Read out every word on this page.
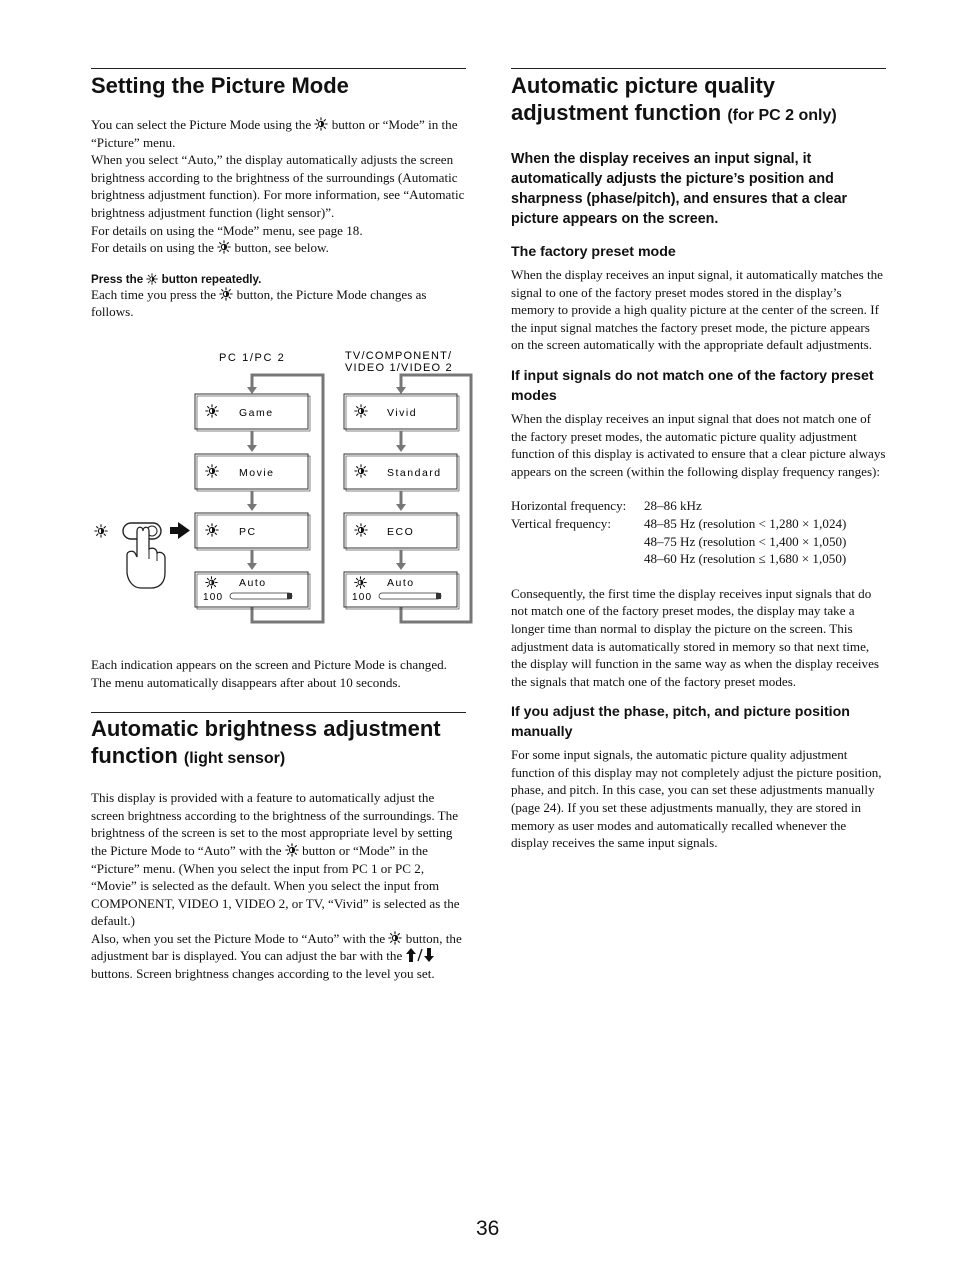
Setting the Picture Mode

You can select the Picture Mode using the button or “Mode” in the “Picture” menu.

When you select “Auto,” the display automatically adjusts the screen brightness according to the brightness of the surroundings (Automatic brightness adjustment function). For more information, see “Automatic brightness adjustment function (light sensor)”.

For details on using the “Mode” menu, see page 18.

For details on using the button, see below.

Press the button repeatedly.

Each time you press the button, the Picture Mode changes as follows.

PC 1/PC 2	TV/COMPONENT/
VIDEO 1/VIDEO 2
Game
Movie
PC
Auto
100
Vivid
Standard
ECO
Auto
100

Each indication appears on the screen and Picture Mode is changed. The menu automatically disappears after about 10 seconds.

Automatic brightness adjustment function (light sensor)

This display is provided with a feature to automatically adjust the screen brightness according to the brightness of the surroundings. The brightness of the screen is set to the most appropriate level by setting the Picture Mode to “Auto” with the button or “Mode” in the “Picture” menu. (When you select the input from PC 1 or PC 2, “Movie” is selected as the default. When you select the input from COMPONENT, VIDEO 1, VIDEO 2, or TV, “Vivid” is selected as the default.)

Also, when you set the Picture Mode to “Auto” with the button, the adjustment bar is displayed. You can adjust the bar with the  buttons. Screen brightness changes according to the level you set.

Automatic picture quality adjustment function (for PC 2 only)

When the display receives an input signal, it automatically adjusts the picture’s position and sharpness (phase/pitch), and ensures that a clear picture appears on the screen.

The factory preset mode

When the display receives an input signal, it automatically matches the signal to one of the factory preset modes stored in the display’s memory to provide a high quality picture at the center of the screen. If the input signal matches the factory preset mode, the picture appears on the screen automatically with the appropriate default adjustments.

If input signals do not match one of the factory preset modes

When the display receives an input signal that does not match one of the factory preset modes, the automatic picture quality adjustment function of this display is activated to ensure that a clear picture always appears on the screen (within the following display frequency ranges):

Horizontal frequency:	28–86 kHz
Vertical frequency:	48–85 Hz (resolution < 1,280 × 1,024)
	48–75 Hz (resolution < 1,400 × 1,050)
	48–60 Hz (resolution ≤ 1,680 × 1,050)

Consequently, the first time the display receives input signals that do not match one of the factory preset modes, the display may take a longer time than normal to display the picture on the screen. This adjustment data is automatically stored in memory so that next time, the display will function in the same way as when the display receives the signals that match one of the factory preset modes.

If you adjust the phase, pitch, and picture position manually

For some input signals, the automatic picture quality adjustment function of this display may not completely adjust the picture position, phase, and pitch. In this case, you can set these adjustments manually (page 24). If you set these adjustments manually, they are stored in memory as user modes and automatically recalled whenever the display receives the same input signals.

36
